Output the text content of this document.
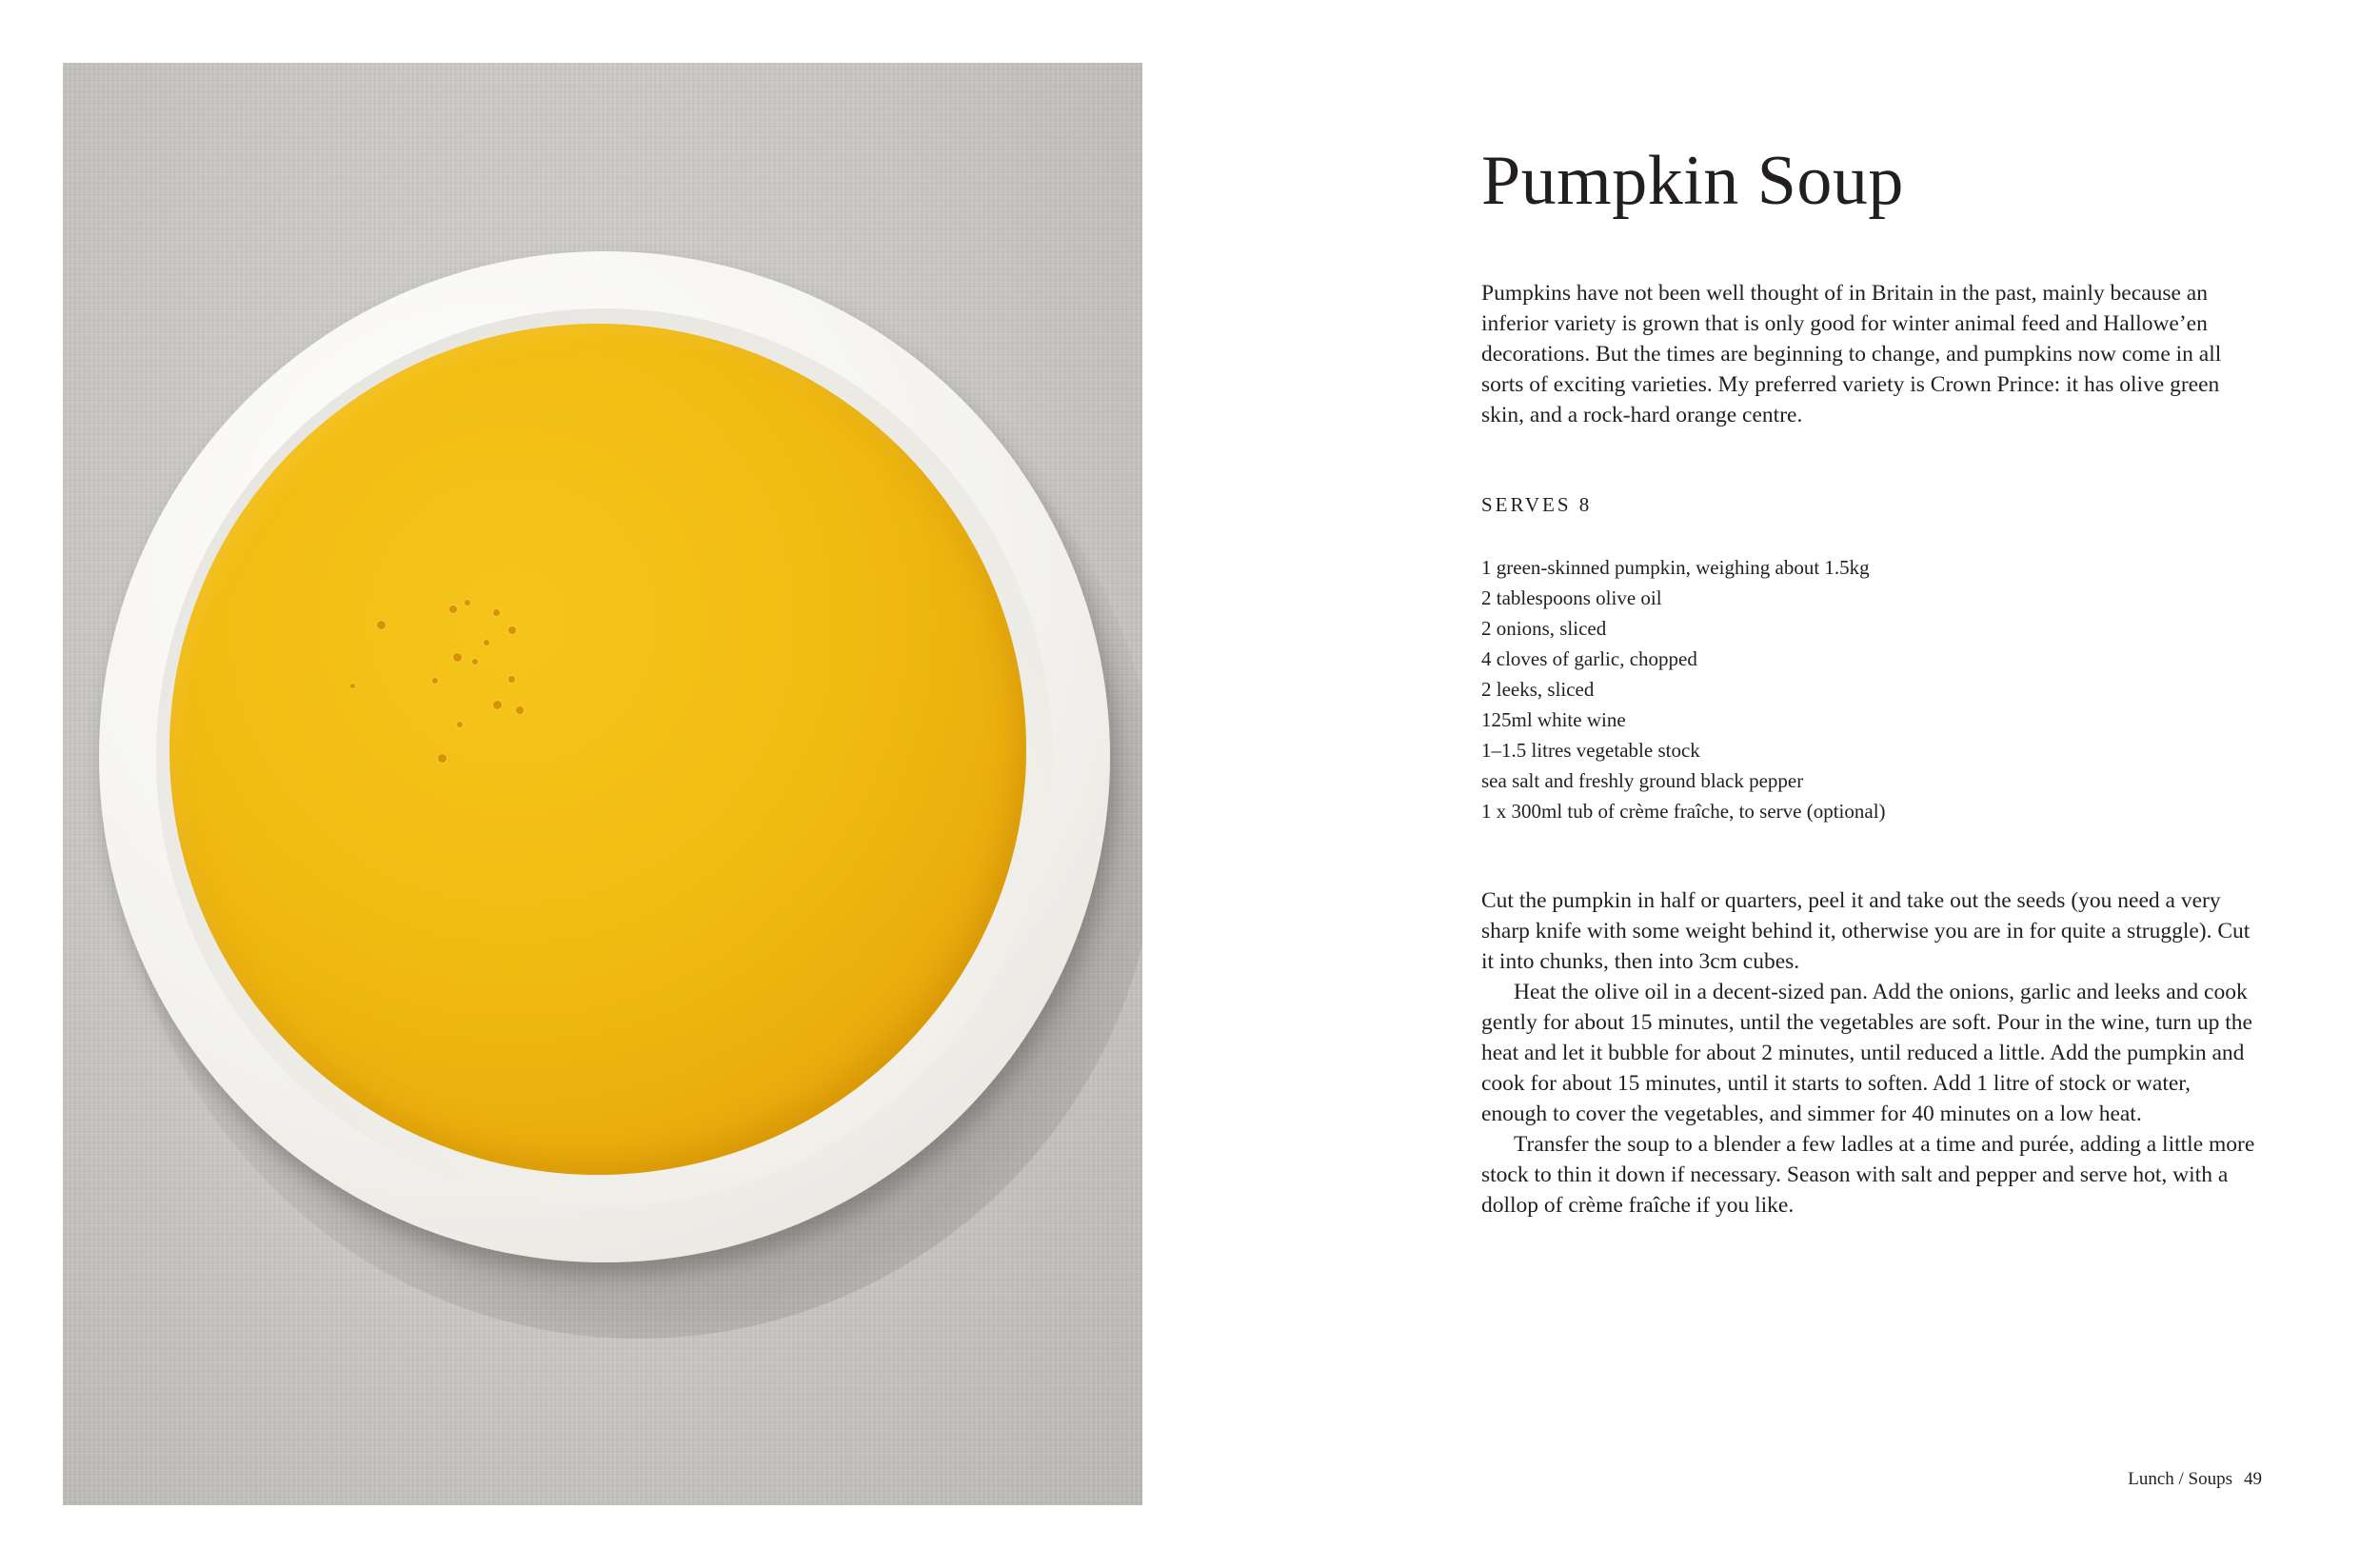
Pumpkin Soup

Pumpkins have not been well thought of in Britain in the past, mainly because an inferior variety is grown that is only good for winter animal feed and Hallowe’en decorations. But the times are beginning to change, and pumpkins now come in all sorts of exciting varieties. My preferred variety is Crown Prince: it has olive green skin, and a rock-hard orange centre.

SERVES 8

1 green-skinned pumpkin, weighing about 1.5kg
2 tablespoons olive oil
2 onions, sliced
4 cloves of garlic, chopped
2 leeks, sliced
125ml white wine
1–1.5 litres vegetable stock
sea salt and freshly ground black pepper
1 x 300ml tub of crème fraîche, to serve (optional)

Cut the pumpkin in half or quarters, peel it and take out the seeds (you need a very sharp knife with some weight behind it, otherwise you are in for quite a struggle). Cut it into chunks, then into 3cm cubes.

Heat the olive oil in a decent-sized pan. Add the onions, garlic and leeks and cook gently for about 15 minutes, until the vegetables are soft. Pour in the wine, turn up the heat and let it bubble for about 2 minutes, until reduced a little. Add the pumpkin and cook for about 15 minutes, until it starts to soften. Add 1 litre of stock or water, enough to cover the vegetables, and simmer for 40 minutes on a low heat.

Transfer the soup to a blender a few ladles at a time and purée, adding a little more stock to thin it down if necessary. Season with salt and pepper and serve hot, with a dollop of crème fraîche if you like.

Lunch / Soups 49
